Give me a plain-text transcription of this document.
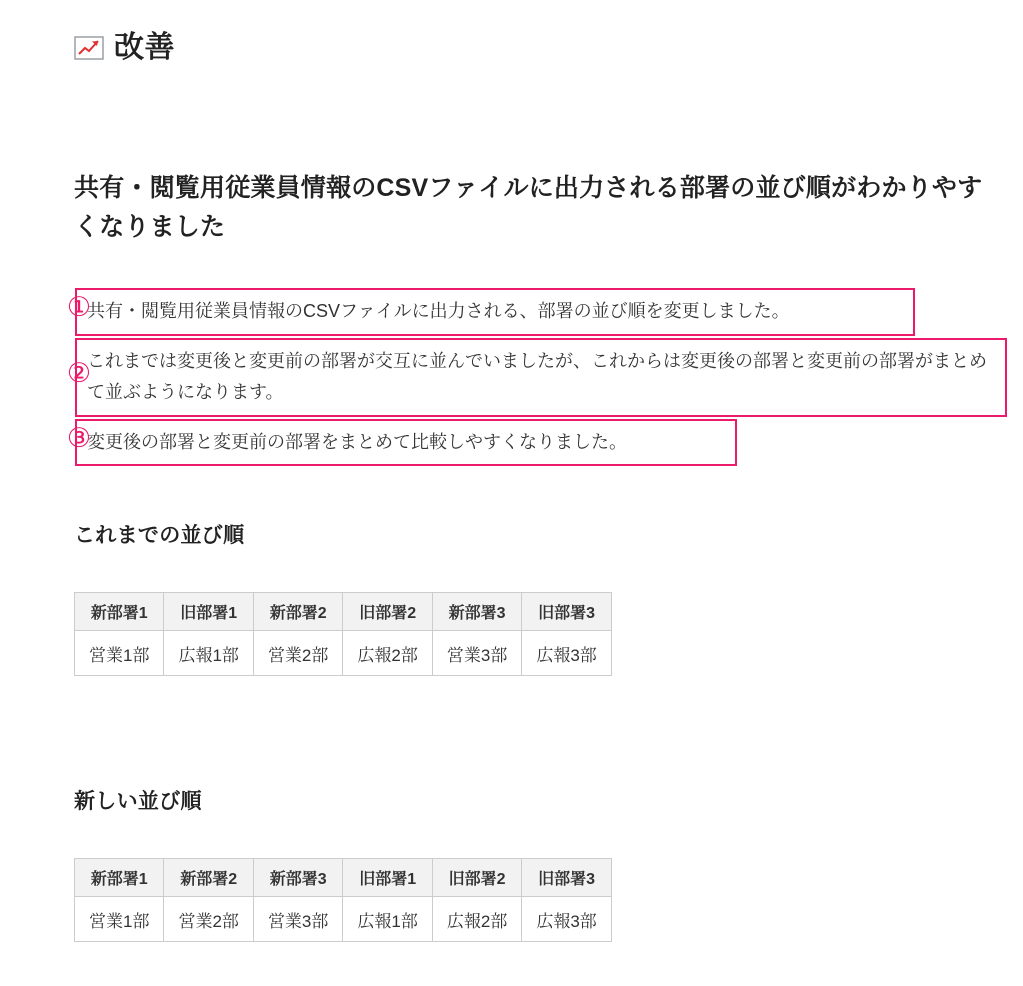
改善
共有・閲覧用従業員情報のCSVファイルに出力される部署の並び順がわかりやすくなりました
①
共有・閲覧用従業員情報のCSVファイルに出力される、部署の並び順を変更しました。
②
これまでは変更後と変更前の部署が交互に並んでいましたが、これからは変更後の部署と変更前の部署がまとめて並ぶようになります。
③
変更後の部署と変更前の部署をまとめて比較しやすくなりました。
これまでの並び順
新部署1	旧部署1	新部署2	旧部署2	新部署3	旧部署3
営業1部	広報1部	営業2部	広報2部	営業3部	広報3部
新しい並び順
新部署1	新部署2	新部署3	旧部署1	旧部署2	旧部署3
営業1部	営業2部	営業3部	広報1部	広報2部	広報3部
